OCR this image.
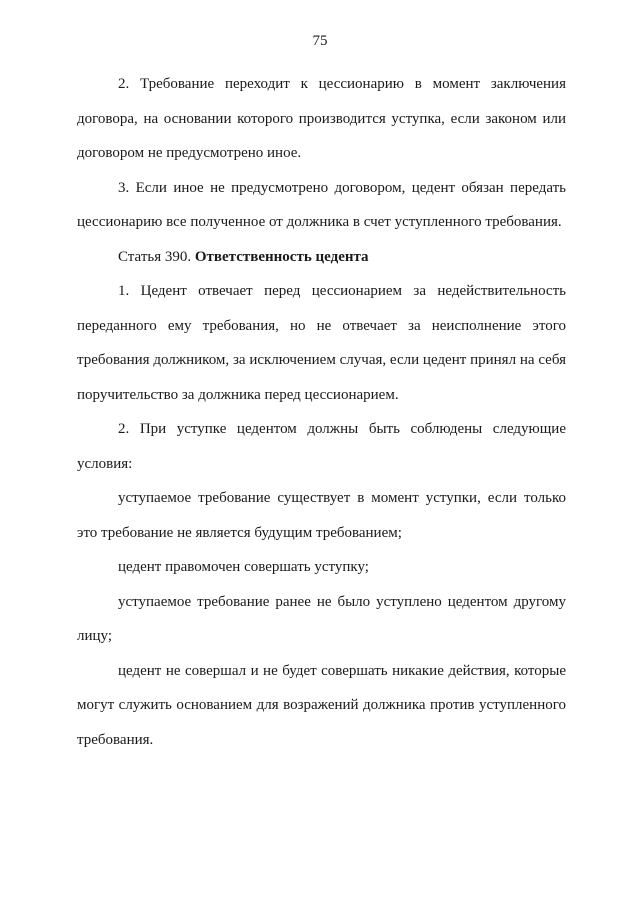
75

2. Требование переходит к цессионарию в момент заключения договора, на основании которого производится уступка, если законом или договором не предусмотрено иное.

3. Если иное не предусмотрено договором, цедент обязан передать цессионарию все полученное от должника в счет уступленного требования.

Статья 390. Ответственность цедента

1. Цедент отвечает перед цессионарием за недействительность переданного ему требования, но не отвечает за неисполнение этого требования должником, за исключением случая, если цедент принял на себя поручительство за должника перед цессионарием.

2. При уступке цедентом должны быть соблюдены следующие условия:

уступаемое требование существует в момент уступки, если только это требование не является будущим требованием;

цедент правомочен совершать уступку;

уступаемое требование ранее не было уступлено цедентом другому лицу;

цедент не совершал и не будет совершать никакие действия, которые могут служить основанием для возражений должника против уступленного требования.
